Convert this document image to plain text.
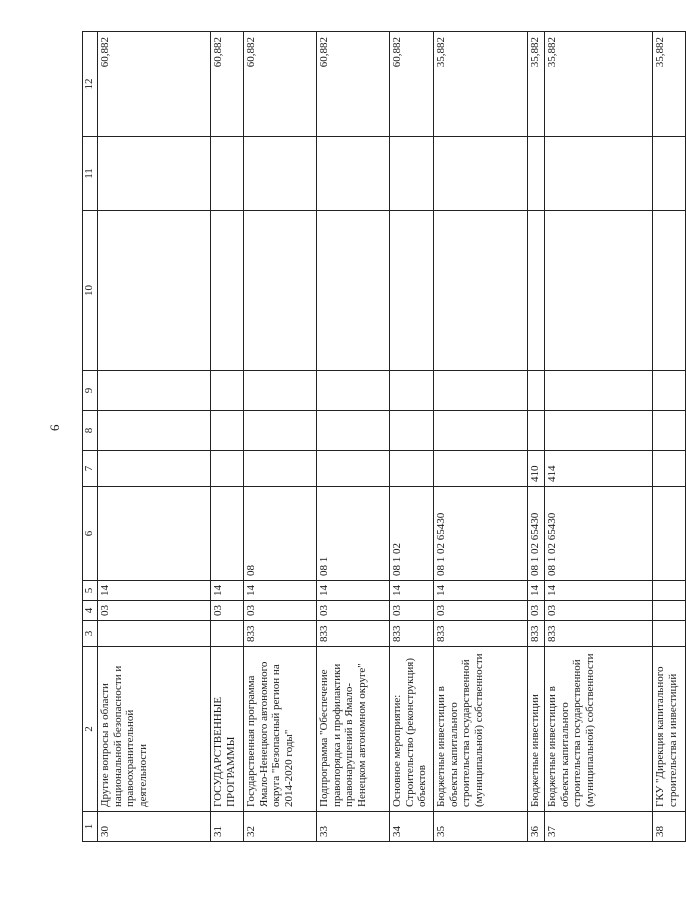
6
1	2	3	4	5	6	7	8	9	10	11	12
30	Другие вопросы в области национальной безопасности и правоохранительной деятельности		03	14							60,882
31	ГОСУДАРСТВЕННЫЕ ПРОГРАММЫ		03	14							60,882
32	Государственная программа Ямало-Ненецкого автономного округа "Безопасный регион на 2014-2020 годы"	833	03	14	08						60,882
33	Подпрограмма "Обеспечение правопорядка и профилактики правонарушений в Ямало-Ненецком автономном округе"	833	03	14	08 1						60,882
34	Основное мероприятие: Строительство (реконструкция) объектов	833	03	14	08 1 02						60,882
35	Бюджетные инвестиции в объекты капитального строительства государственной (муниципальной) собственности	833	03	14	08 1 02 65430						35,882
36	Бюджетные инвестиции	833	03	14	08 1 02 65430	410					35,882
37	Бюджетные инвестиции в объекты капитального строительства государственной (муниципальной) собственности	833	03	14	08 1 02 65430	414					35,882
38	ГКУ "Дирекция капитального строительства и инвестиций										35,882
